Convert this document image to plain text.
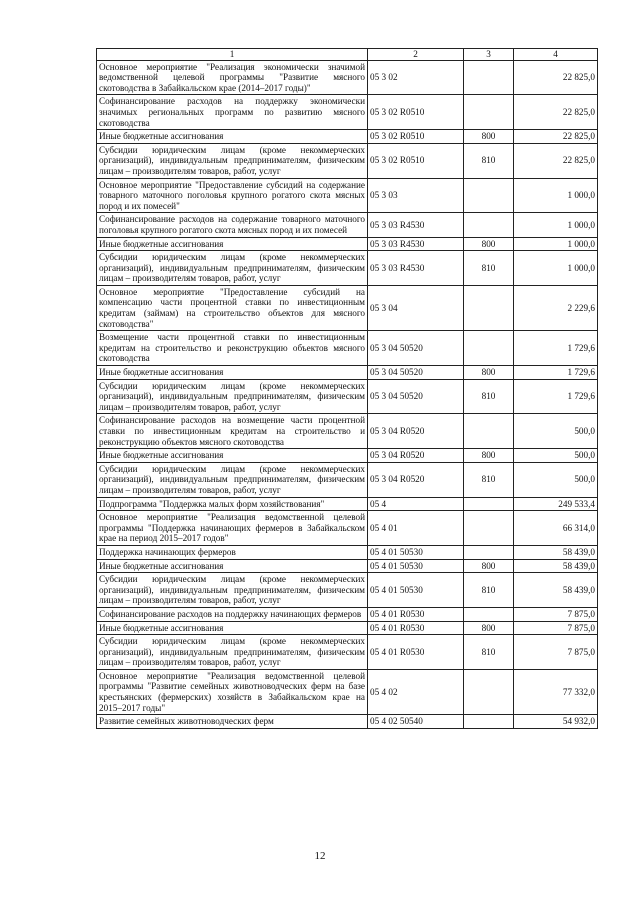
1	2	3	4
Основное мероприятие "Реализация экономически значимой ведомственной целевой программы "Развитие мясного скотоводства в Забайкальском крае (2014–2017 годы)"	05 3 02		22 825,0
Софинансирование расходов на поддержку экономически значимых региональных программ по развитию мясного скотоводства	05 3 02 R0510		22 825,0
Иные бюджетные ассигнования	05 3 02 R0510	800	22 825,0
Субсидии юридическим лицам (кроме некоммерческих организаций), индивидуальным предпринимателям, физическим лицам – производителям товаров, работ, услуг	05 3 02 R0510	810	22 825,0
Основное мероприятие "Предоставление субсидий на содержание товарного маточного поголовья крупного рогатого скота мясных пород и их помесей"	05 3 03		1 000,0
Софинансирование расходов на содержание товарного маточного поголовья крупного рогатого скота мясных пород и их помесей	05 3 03 R4530		1 000,0
Иные бюджетные ассигнования	05 3 03 R4530	800	1 000,0
Субсидии юридическим лицам (кроме некоммерческих организаций), индивидуальным предпринимателям, физическим лицам – производителям товаров, работ, услуг	05 3 03 R4530	810	1 000,0
Основное мероприятие "Предоставление субсидий на компенсацию части процентной ставки по инвестиционным кредитам (займам) на строительство объектов для мясного скотоводства"	05 3 04		2 229,6
Возмещение части процентной ставки по инвестиционным кредитам на строительство и реконструкцию объектов мясного скотоводства	05 3 04 50520		1 729,6
Иные бюджетные ассигнования	05 3 04 50520	800	1 729,6
Субсидии юридическим лицам (кроме некоммерческих организаций), индивидуальным предпринимателям, физическим лицам – производителям товаров, работ, услуг	05 3 04 50520	810	1 729,6
Софинансирование расходов на возмещение части процентной ставки по инвестиционным кредитам на строительство и реконструкцию объектов мясного скотоводства	05 3 04 R0520		500,0
Иные бюджетные ассигнования	05 3 04 R0520	800	500,0
Субсидии юридическим лицам (кроме некоммерческих организаций), индивидуальным предпринимателям, физическим лицам – производителям товаров, работ, услуг	05 3 04 R0520	810	500,0
Подпрограмма "Поддержка малых форм хозяйствования"	05 4		249 533,4
Основное мероприятие "Реализация ведомственной целевой программы "Поддержка начинающих фермеров в Забайкальском крае на период 2015–2017 годов"	05 4 01		66 314,0
Поддержка начинающих фермеров	05 4 01 50530		58 439,0
Иные бюджетные ассигнования	05 4 01 50530	800	58 439,0
Субсидии юридическим лицам (кроме некоммерческих организаций), индивидуальным предпринимателям, физическим лицам – производителям товаров, работ, услуг	05 4 01 50530	810	58 439,0
Софинансирование расходов на поддержку начинающих фермеров	05 4 01 R0530		7 875,0
Иные бюджетные ассигнования	05 4 01 R0530	800	7 875,0
Субсидии юридическим лицам (кроме некоммерческих организаций), индивидуальным предпринимателям, физическим лицам – производителям товаров, работ, услуг	05 4 01 R0530	810	7 875,0
Основное мероприятие "Реализация ведомственной целевой программы "Развитие семейных животноводческих ферм на базе крестьянских (фермерских) хозяйств в Забайкальском крае на 2015–2017 годы"	05 4 02		77 332,0
Развитие семейных животноводческих ферм	05 4 02 50540		54 932,0
12
